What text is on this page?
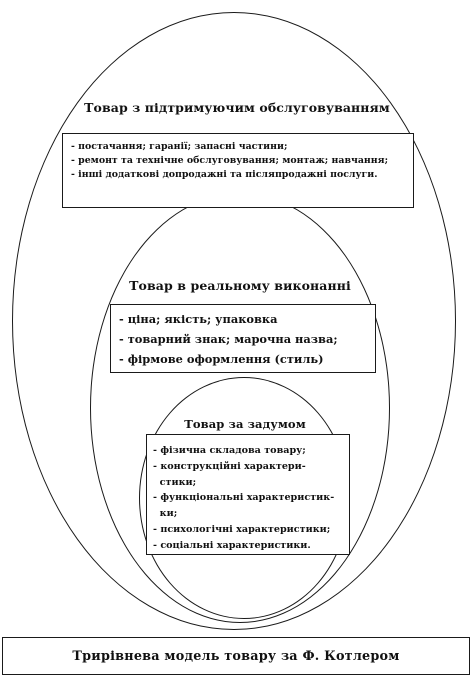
Товар з підтримуючим обслуговуванням
- постачання; гаранії; запасні частини;
- ремонт та технічне обслуговування; монтаж; навчання;
- інші додаткові допродажні та післяпродажні послуги.
Товар в реальному виконанні
- ціна; якість; упаковка
- товарний знак; марочна назва;
- фірмове оформлення (стиль)
Товар за задумом
- фізична складова товару;
- конструкційні характери-
стики;
- функціональні характеристик-
ки;
- психологічні характеристики;
- соціальні характеристики.
Трирівнева модель товару за Ф. Котлером
